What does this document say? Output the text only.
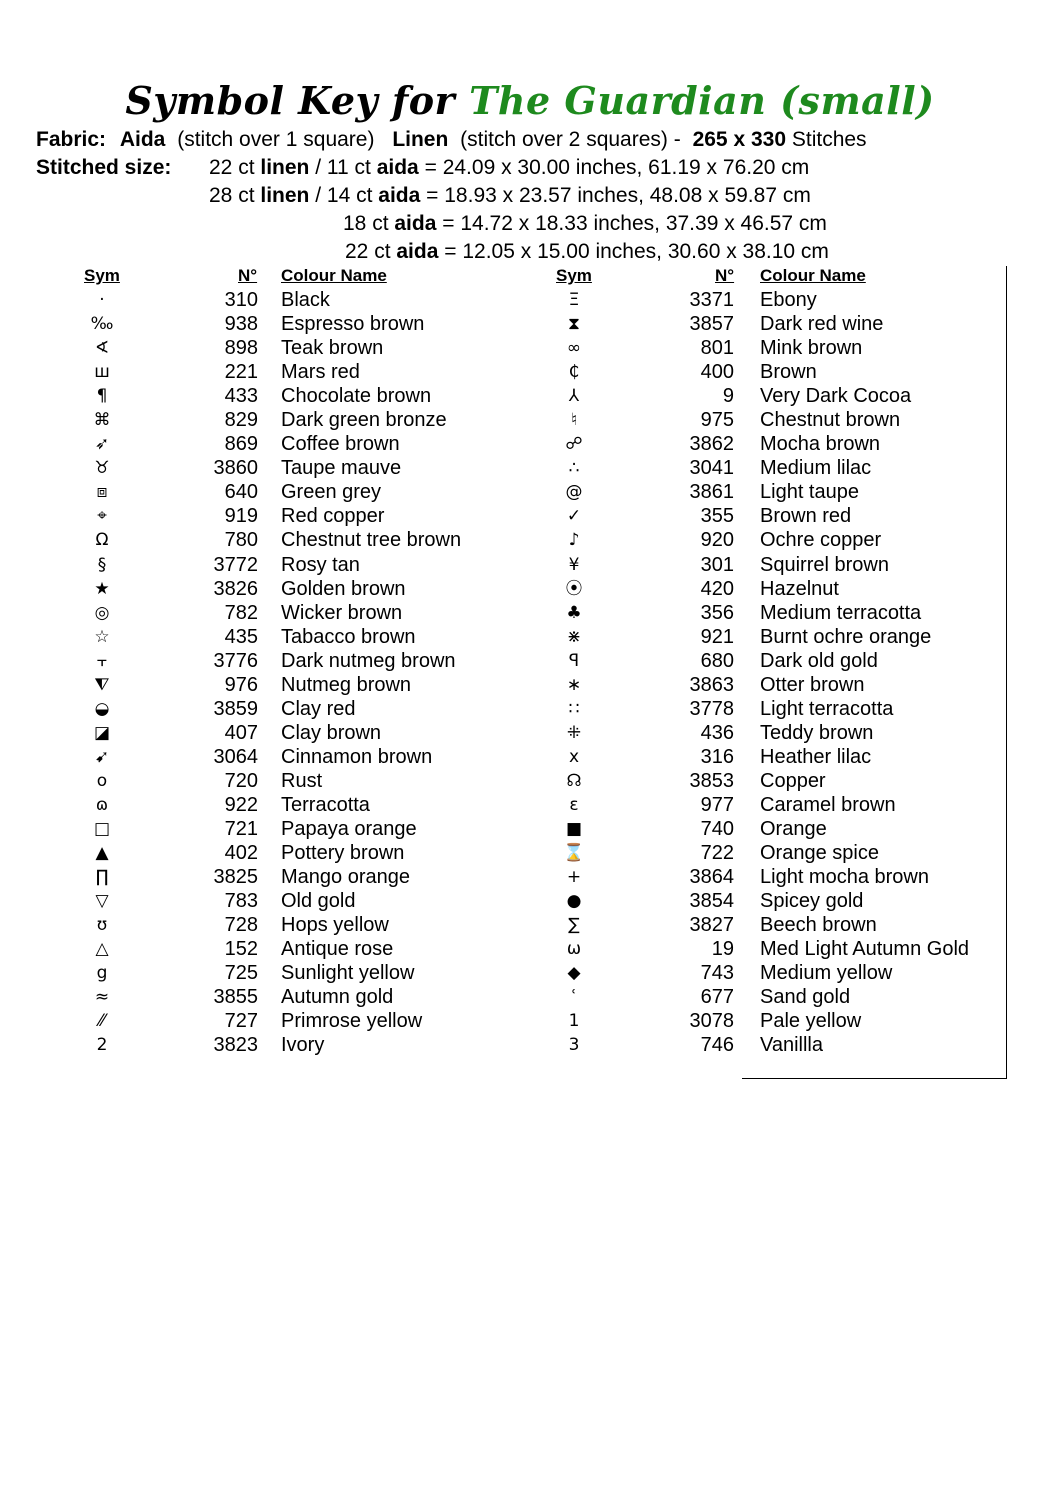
Symbol Key for The Guardian (small)
Fabric: Aida (stitch over 1 square) Linen (stitch over 2 squares) - 265 x 330 Stitches
Stitched size: 22 ct linen / 11 ct aida = 24.09 x 30.00 inches, 61.19 x 76.20 cm
28 ct linen / 14 ct aida = 18.93 x 23.57 inches, 48.08 x 59.87 cm
18 ct aida = 14.72 x 18.33 inches, 37.39 x 46.57 cm
22 ct aida = 12.05 x 15.00 inches, 30.60 x 38.10 cm
Sym	N° Colour Name	Sym	N° Colour Name
·	310 Black	Ξ	3371 Ebony
‰	938 Espresso brown	⧗	3857 Dark red wine
∢	898 Teak brown	∞	801 Mink brown
ш	221 Mars red	₵	400 Brown
¶	433 Chocolate brown	⅄	9 Very Dark Cocoa
⌘	829 Dark green bronze	♮	975 Chestnut brown
➶	869 Coffee brown	☍	3862 Mocha brown
♉	3860 Taupe mauve	∴	3041 Medium lilac
⧈	640 Green grey	@	3861 Light taupe
⌖	919 Red copper	✓	355 Brown red
Ω	780 Chestnut tree brown	♪	920 Ochre copper
§	3772 Rosy tan	¥	301 Squirrel brown
★	3826 Golden brown	⦿	420 Hazelnut
◎	782 Wicker brown	♣	356 Medium terracotta
☆	435 Tabacco brown	⋇	921 Burnt ochre orange
⫟	3776 Dark nutmeg brown	ꟼ	680 Dark old gold
⧨	976 Nutmeg brown	∗	3863 Otter brown
◒	3859 Clay red	∷	3778 Light terracotta
◪	407 Clay brown	⁜	436 Teddy brown
➹	3064 Cinnamon brown	x	316 Heather lilac
o	720 Rust	☊	3853 Copper
ɷ	922 Terracotta	ɛ	977 Caramel brown
□	721 Papaya orange	■	740 Orange
▲	402 Pottery brown	⌛	722 Orange spice
∏	3825 Mango orange	+	3864 Light mocha brown
▽	783 Old gold	●	3854 Spicey gold
ʊ	728 Hops yellow	∑	3827 Beech brown
△	152 Antique rose	ω	19 Med Light Autumn Gold
g	725 Sunlight yellow	◆	743 Medium yellow
≈	3855 Autumn gold	ʿ	677 Sand gold
⁄⁄	727 Primrose yellow	1	3078 Pale yellow
2	3823 Ivory	3	746 Vanillla
